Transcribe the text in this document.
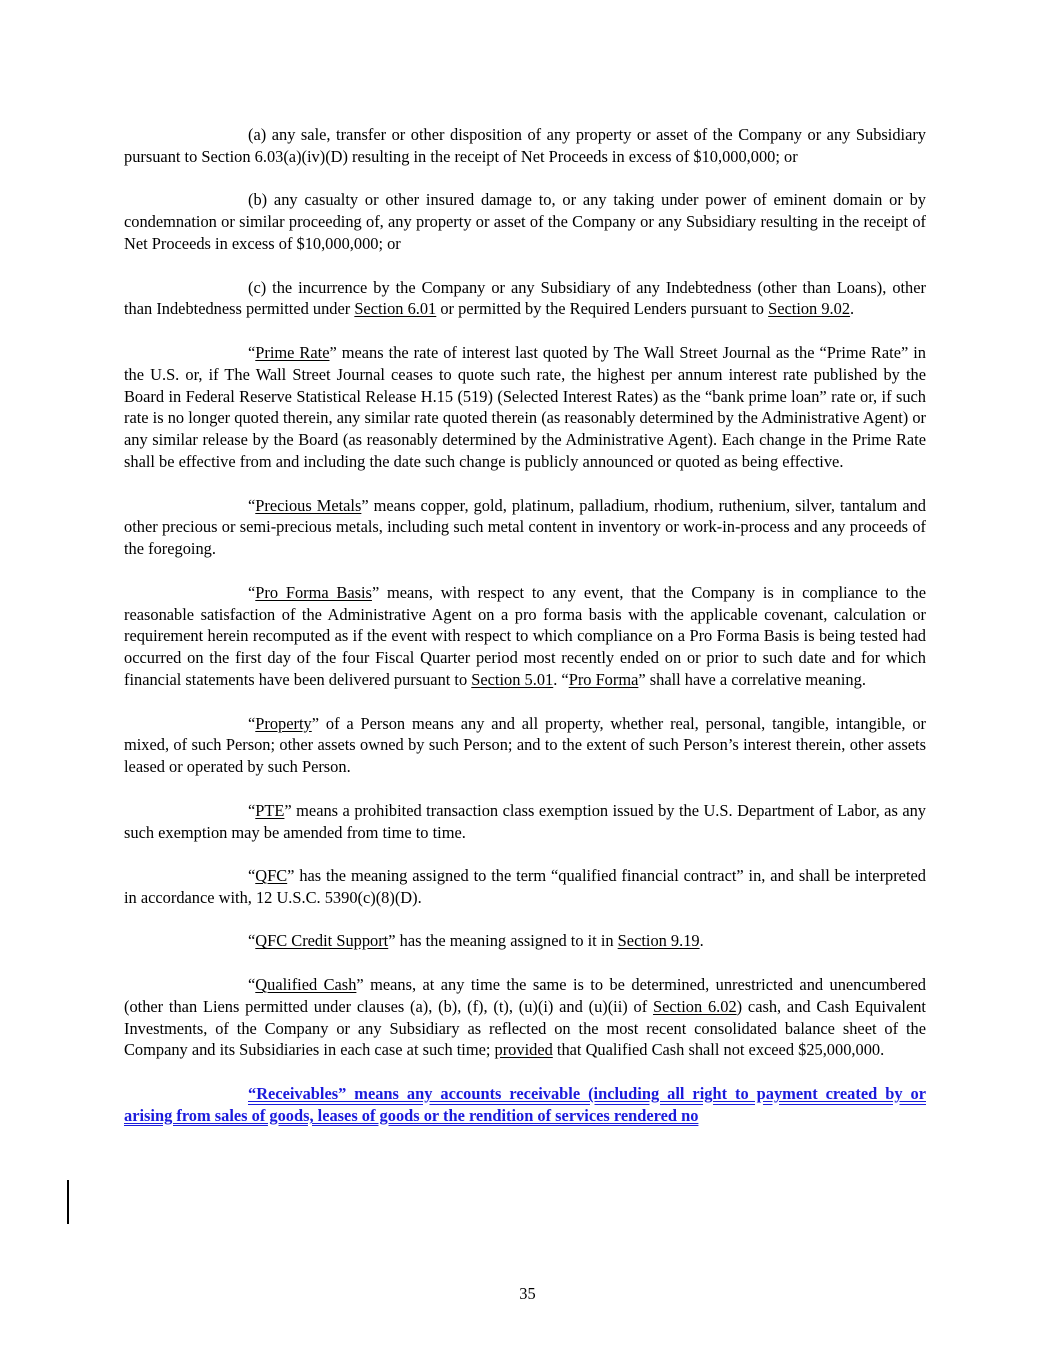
(a) any sale, transfer or other disposition of any property or asset of the Company or any Subsidiary pursuant to Section 6.03(a)(iv)(D) resulting in the receipt of Net Proceeds in excess of $10,000,000; or

(b) any casualty or other insured damage to, or any taking under power of eminent domain or by condemnation or similar proceeding of, any property or asset of the Company or any Subsidiary resulting in the receipt of Net Proceeds in excess of $10,000,000; or

(c) the incurrence by the Company or any Subsidiary of any Indebtedness (other than Loans), other than Indebtedness permitted under Section 6.01 or permitted by the Required Lenders pursuant to Section 9.02.

“Prime Rate” means the rate of interest last quoted by The Wall Street Journal as the “Prime Rate” in the U.S. or, if The Wall Street Journal ceases to quote such rate, the highest per annum interest rate published by the Board in Federal Reserve Statistical Release H.15 (519) (Selected Interest Rates) as the “bank prime loan” rate or, if such rate is no longer quoted therein, any similar rate quoted therein (as reasonably determined by the Administrative Agent) or any similar release by the Board (as reasonably determined by the Administrative Agent). Each change in the Prime Rate shall be effective from and including the date such change is publicly announced or quoted as being effective.

“Precious Metals” means copper, gold, platinum, palladium, rhodium, ruthenium, silver, tantalum and other precious or semi-precious metals, including such metal content in inventory or work-in-process and any proceeds of the foregoing.

“Pro Forma Basis” means, with respect to any event, that the Company is in compliance to the reasonable satisfaction of the Administrative Agent on a pro forma basis with the applicable covenant, calculation or requirement herein recomputed as if the event with respect to which compliance on a Pro Forma Basis is being tested had occurred on the first day of the four Fiscal Quarter period most recently ended on or prior to such date and for which financial statements have been delivered pursuant to Section 5.01. “Pro Forma” shall have a correlative meaning.

“Property” of a Person means any and all property, whether real, personal, tangible, intangible, or mixed, of such Person; other assets owned by such Person; and to the extent of such Person’s interest therein, other assets leased or operated by such Person.

“PTE” means a prohibited transaction class exemption issued by the U.S. Department of Labor, as any such exemption may be amended from time to time.

“QFC” has the meaning assigned to the term “qualified financial contract” in, and shall be interpreted in accordance with, 12 U.S.C. 5390(c)(8)(D).

“QFC Credit Support” has the meaning assigned to it in Section 9.19.

“Qualified Cash” means, at any time the same is to be determined, unrestricted and unencumbered (other than Liens permitted under clauses (a), (b), (f), (t), (u)(i) and (u)(ii) of Section 6.02) cash, and Cash Equivalent Investments, of the Company or any Subsidiary as reflected on the most recent consolidated balance sheet of the Company and its Subsidiaries in each case at such time; provided that Qualified Cash shall not exceed $25,000,000.

“Receivables” means any accounts receivable (including all right to payment created by or arising from sales of goods, leases of goods or the rendition of services rendered no

35
